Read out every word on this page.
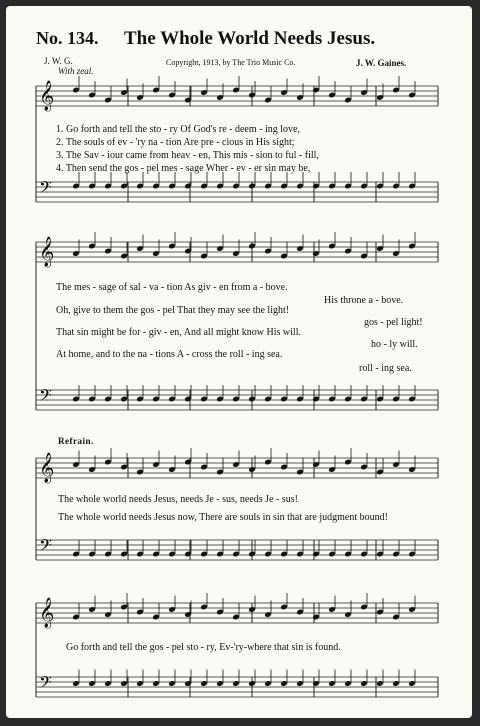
𝄞
𝄢
𝄞
𝄢
𝄞
𝄢
𝄞
𝄢
No. 134. The Whole World Needs Jesus.
J. W. G.
With zeal.
Copyright, 1913, by The Trio Music Co.	J. W. Gaines.
1. Go forth and tell the sto - ry Of God's re - deem - ing love,
2. The souls of ev - 'ry na - tion Are pre - cious in His sight;
3. The Sav - iour came from heav - en, This mis - sion to ful - fill,
4. Then send the gos - pel mes - sage Wher - ev - er sin may be,
The mes - sage of sal - va - tion As giv - en from a - bove.
His throne a - bove.
Oh, give to them the gos - pel That they may see the light!
gos - pel light!
That sin might be for - giv - en, And all might know His will.
ho - ly will.
At home, and to the na - tions A - cross the roll - ing sea.
roll - ing sea.
Refrain.
The whole world needs Jesus, needs Je - sus, needs Je - sus!
The whole world needs Jesus now, There are souls in sin that are judgment bound!
Go forth and tell the gos - pel sto - ry, Ev-'ry-where that sin is found.
